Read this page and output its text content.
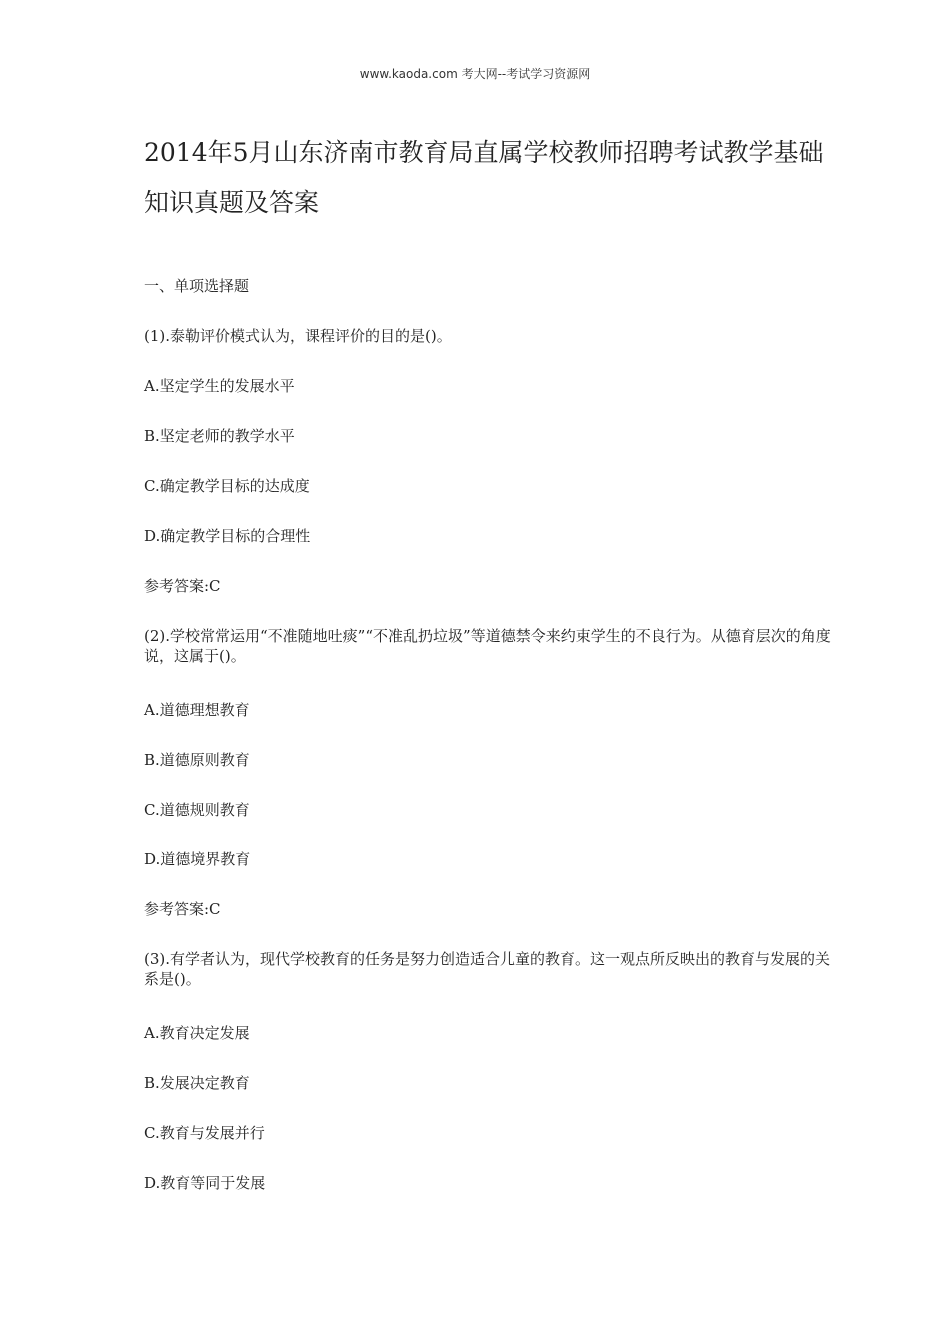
www.kaoda.com 考大网--考试学习资源网
2014年5月山东济南市教育局直属学校教师招聘考试教学基础知识真题及答案
一、单项选择题
(1).泰勒评价模式认为，课程评价的目的是()。
A.坚定学生的发展水平
B.坚定老师的教学水平
C.确定教学目标的达成度
D.确定教学目标的合理性
参考答案:C
(2).学校常常运用“不准随地吐痰”“不准乱扔垃圾”等道德禁令来约束学生的不良行为。从德育层次的角度说，这属于()。
A.道德理想教育
B.道德原则教育
C.道德规则教育
D.道德境界教育
参考答案:C
(3).有学者认为，现代学校教育的任务是努力创造适合儿童的教育。这一观点所反映出的教育与发展的关系是()。
A.教育决定发展
B.发展决定教育
C.教育与发展并行
D.教育等同于发展
